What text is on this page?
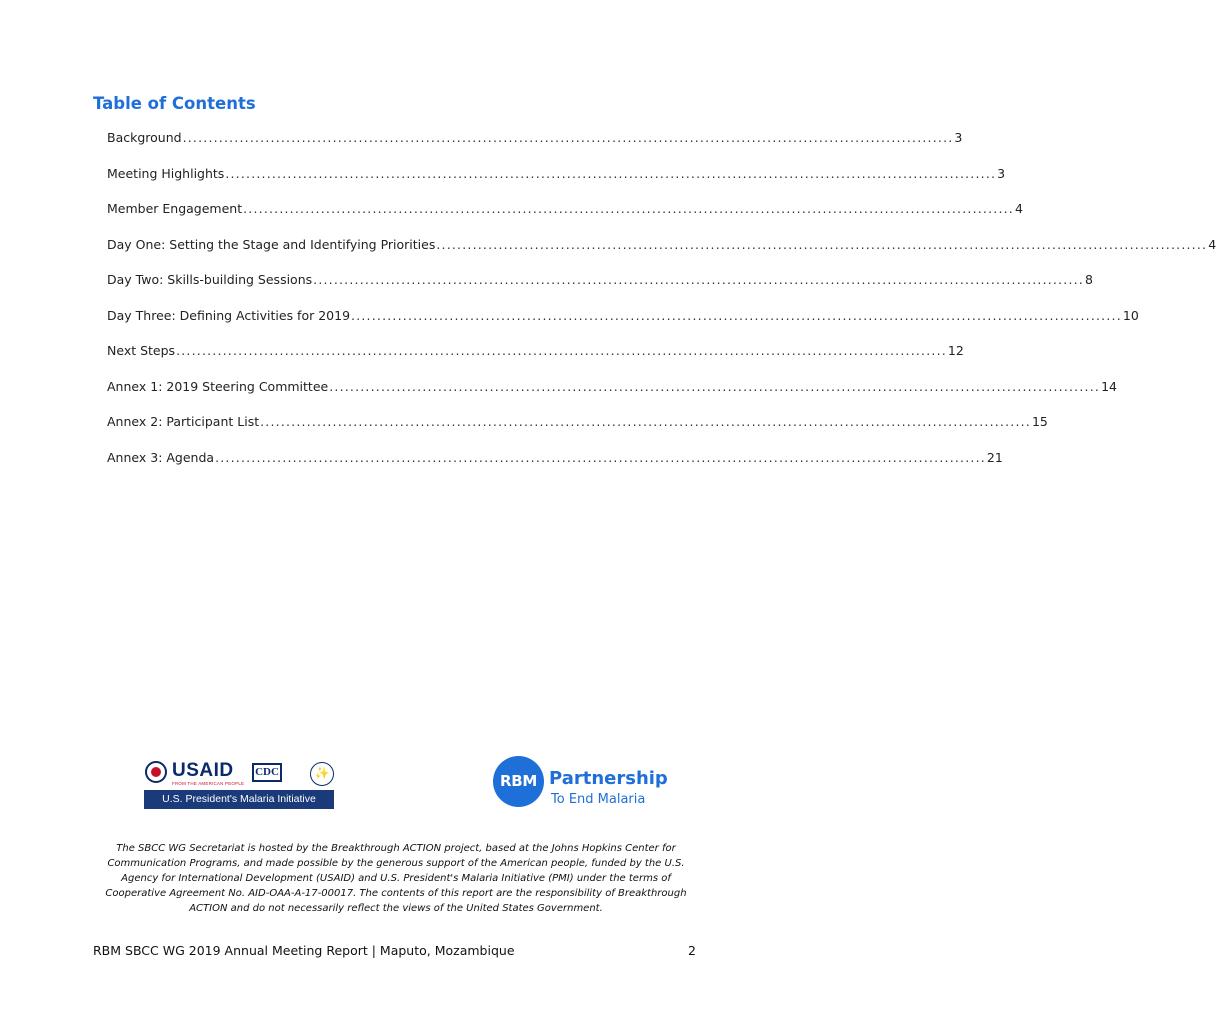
Table of Contents
Background ..................................................................................................................................................... 3
Meeting Highlights ..................................................................................................................................................... 3
Member Engagement ..................................................................................................................................................... 4
Day One: Setting the Stage and Identifying Priorities ..................................................................................................................................................... 4
Day Two: Skills-building Sessions ..................................................................................................................................................... 8
Day Three: Defining Activities for 2019 ..................................................................................................................................................... 10
Next Steps ..................................................................................................................................................... 12
Annex 1: 2019 Steering Committee ..................................................................................................................................................... 14
Annex 2: Participant List ..................................................................................................................................................... 15
Annex 3: Agenda ..................................................................................................................................................... 21
USAID
FROM THE AMERICAN PEOPLE
CDC	✨
U.S. President's Malaria Initiative
RBM Partnership
To End Malaria

The SBCC WG Secretariat is hosted by the Breakthrough ACTION project, based at the Johns Hopkins Center for Communication Programs, and made possible by the generous support of the American people, funded by the U.S. Agency for International Development (USAID) and U.S. President's Malaria Initiative (PMI) under the terms of Cooperative Agreement No. AID-OAA-A-17-00017. The contents of this report are the responsibility of Breakthrough ACTION and do not necessarily reflect the views of the United States Government.

RBM SBCC WG 2019 Annual Meeting Report | Maputo, Mozambique	2
